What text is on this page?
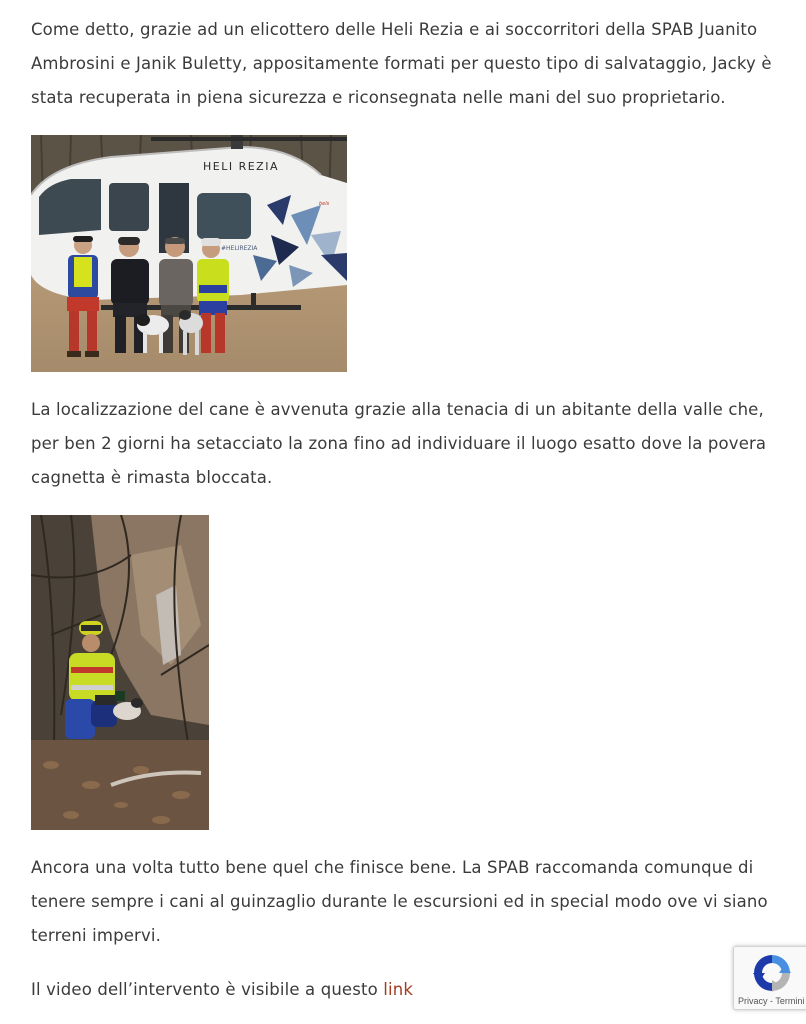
Come detto, grazie ad un elicottero delle Heli Rezia e ai soccorritori della SPAB Juanito Ambrosini e Janik Buletty, appositamente formati per questo tipo di salvataggio, Jacky è stata recuperata in piena sicurezza e riconsegnata nelle mani del suo proprietario.

HELI REZIA
#HELIREZIA
bels

La localizzazione del cane è avvenuta grazie alla tenacia di un abitante della valle che, per ben 2 giorni ha setacciato la zona fino ad individuare il luogo esatto dove la povera cagnetta è rimasta bloccata.

Ancora una volta tutto bene quel che finisce bene. La SPAB raccomanda comunque di tenere sempre i cani al guinzaglio durante le escursioni ed in special modo ove vi siano terreni impervi.

Il video dell’intervento è visibile a questo link

Privacy - Termini
